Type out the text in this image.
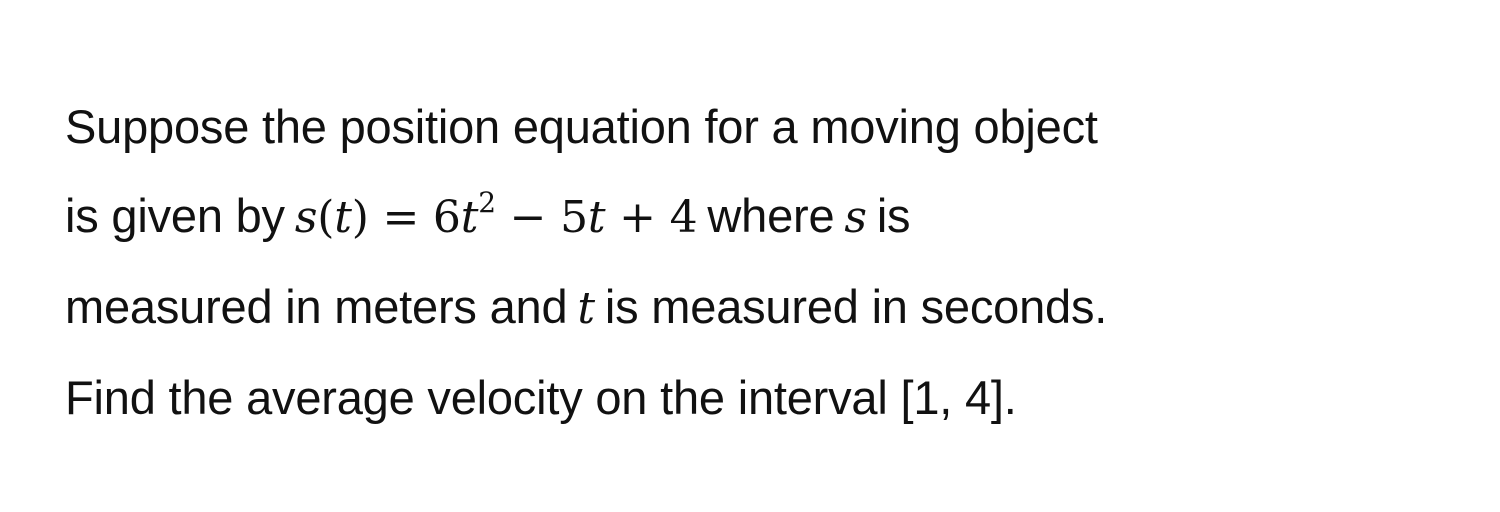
Suppose the position equation for a moving object
is given by $s(t) = 6t^2 - 5t + 4$ where s is
measured in meters and t is measured in seconds.
Find the average velocity on the interval [1, 4].
